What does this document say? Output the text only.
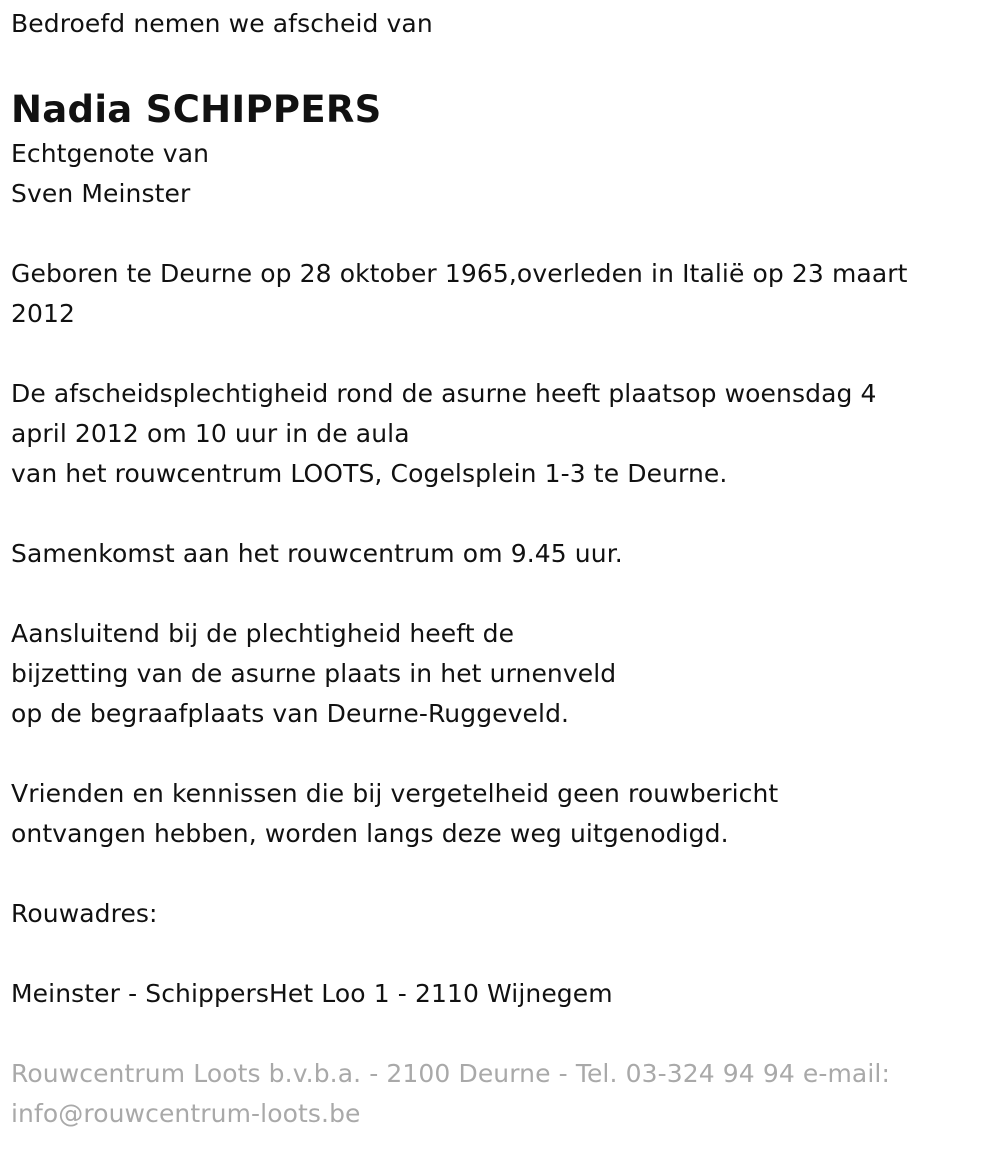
Bedroefd nemen we afscheid van

Nadia SCHIPPERS

Echtgenote van

Sven Meinster

Geboren te Deurne op 28 oktober 1965,overleden in Italië op 23 maart

2012

De afscheidsplechtigheid rond de asurne heeft plaatsop woensdag 4

april 2012 om 10 uur in de aula

van het rouwcentrum LOOTS, Cogelsplein 1-3 te Deurne.

Samenkomst aan het rouwcentrum om 9.45 uur.

Aansluitend bij de plechtigheid heeft de

bijzetting van de asurne plaats in het urnenveld

op de begraafplaats van Deurne-Ruggeveld.

Vrienden en kennissen die bij vergetelheid geen rouwbericht

ontvangen hebben, worden langs deze weg uitgenodigd.

Rouwadres:

Meinster - SchippersHet Loo 1 - 2110 Wijnegem

Rouwcentrum Loots b.v.b.a. - 2100 Deurne - Tel. 03-324 94 94 e-mail:

info@rouwcentrum-loots.be
